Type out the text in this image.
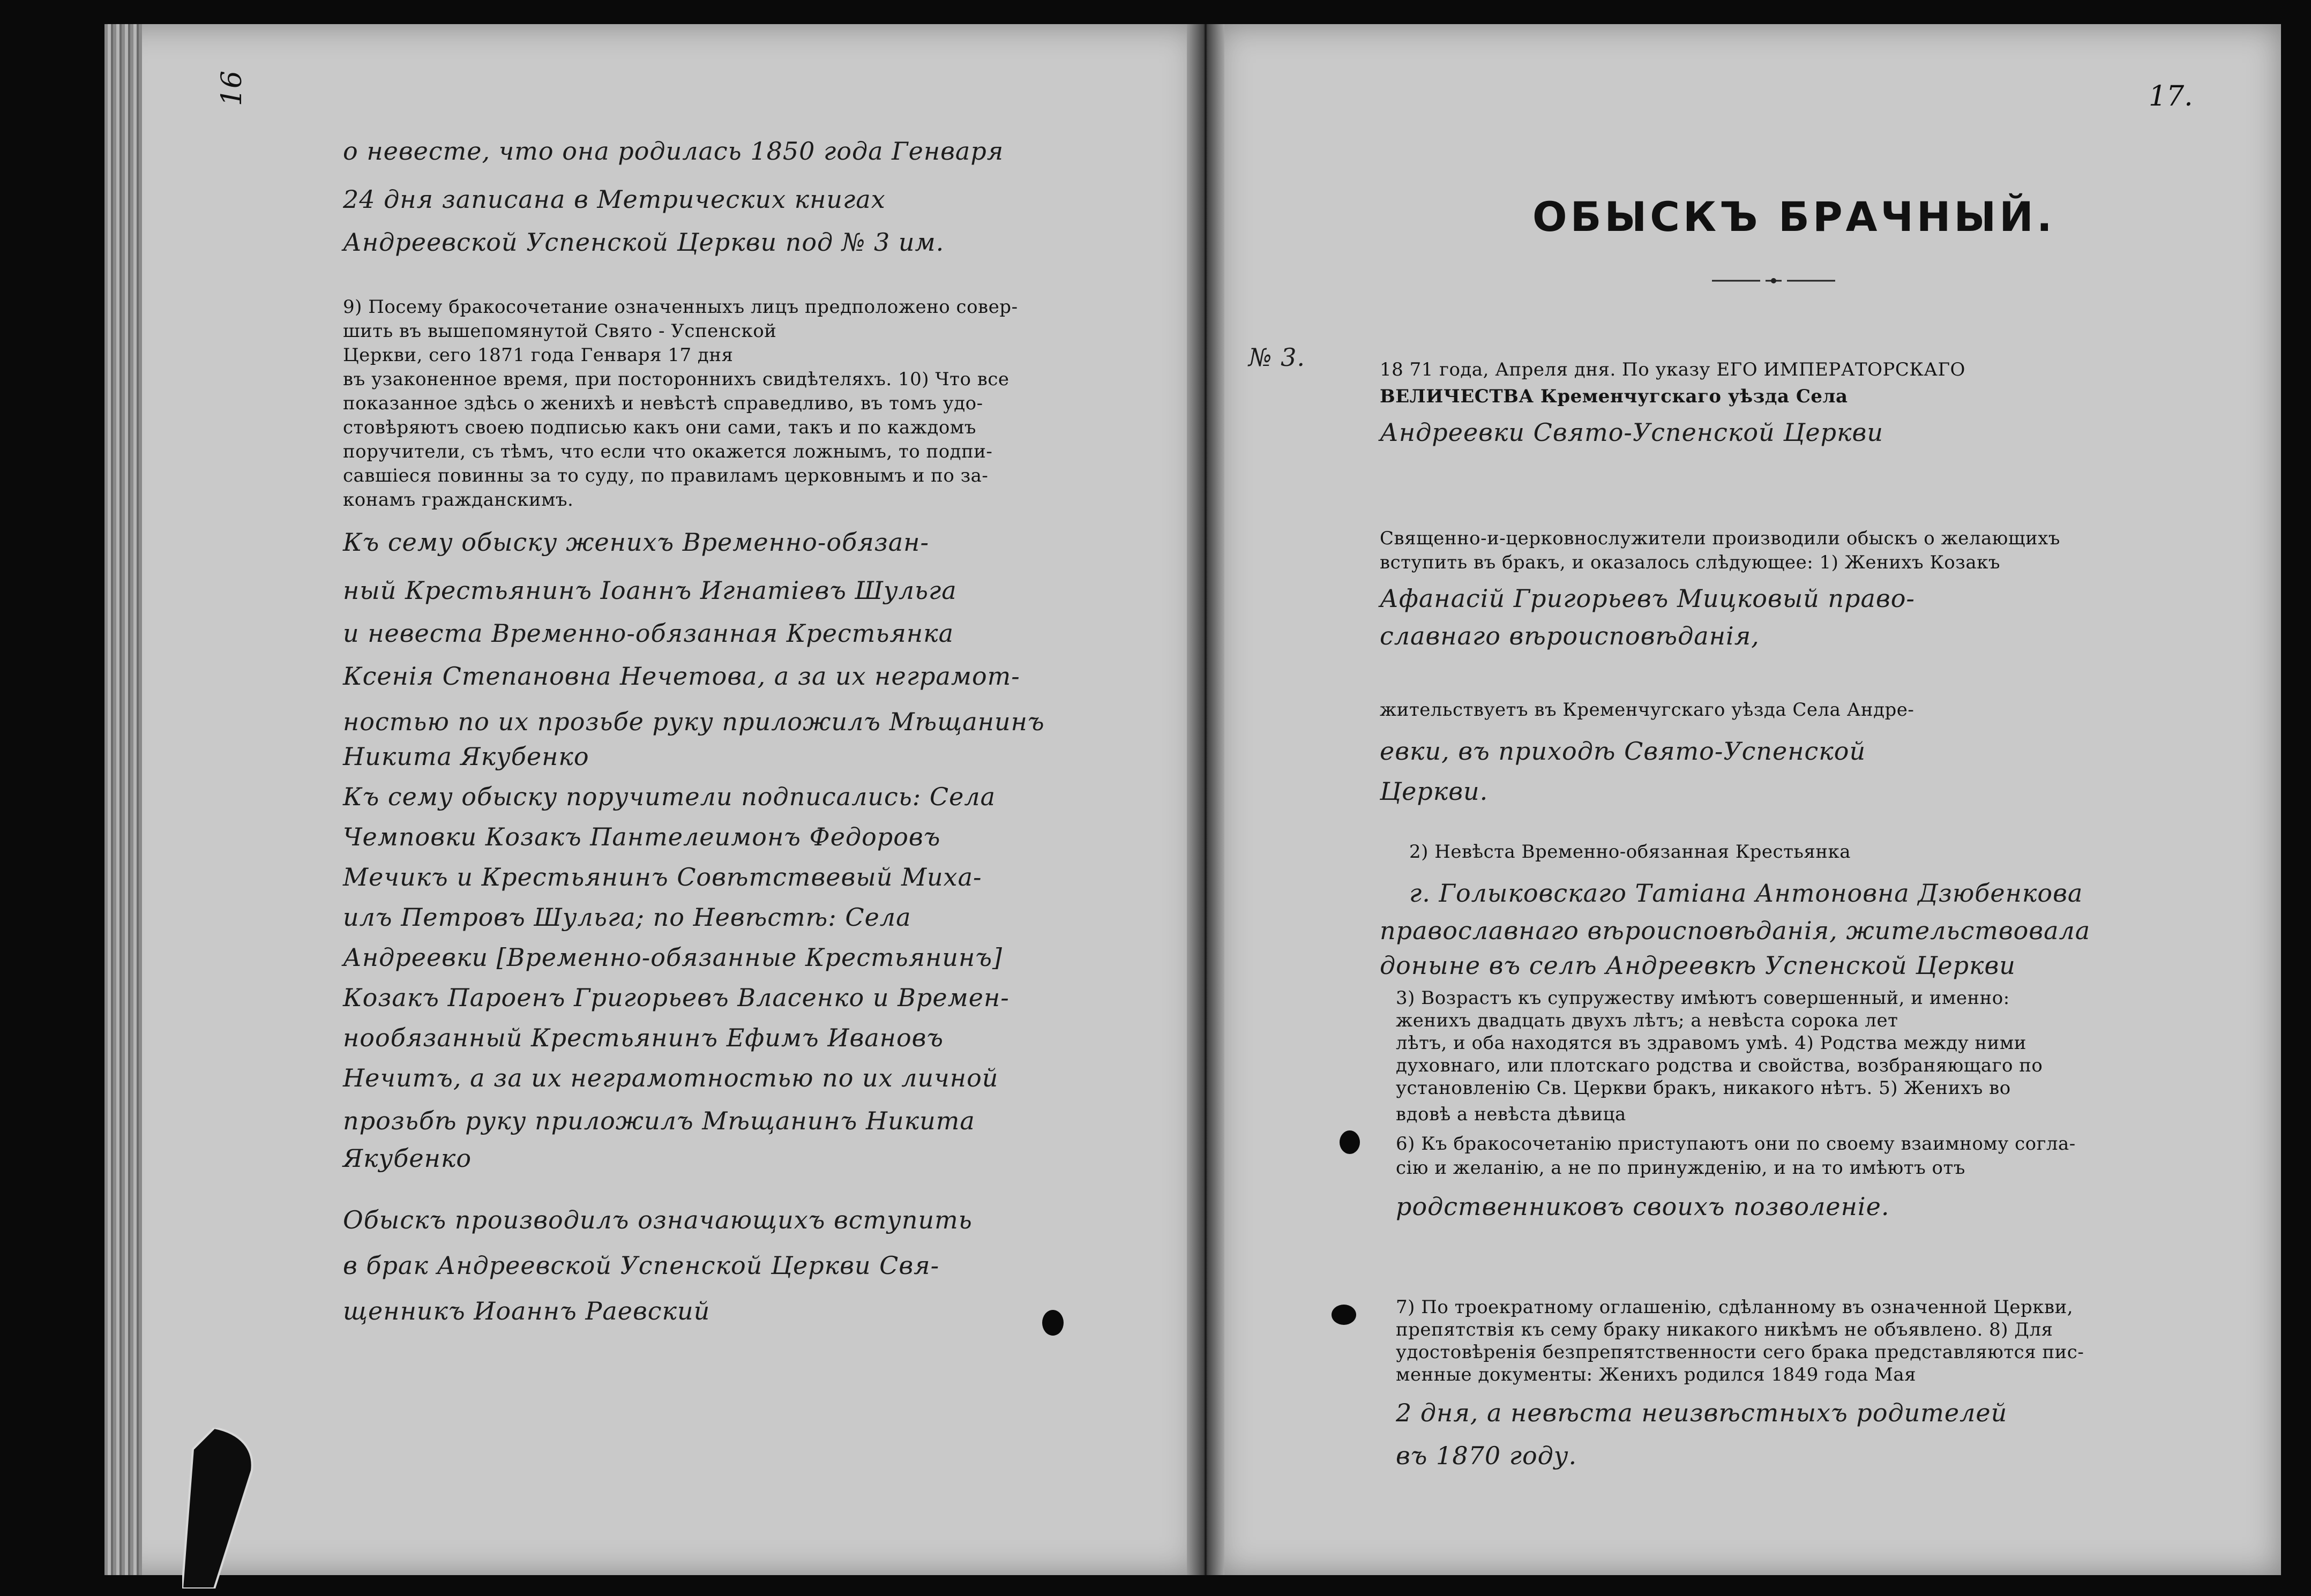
16
о невесте, что она родилась 1850 года Генваря
24 дня записана в Метрических книгах
Андреевской Успенской Церкви под № 3 им.
9) Посему бракосочетание означенныхъ лицъ предположено совер-
шить въ вышепомянутой Свято - Успенской
Церкви, сего 1871 года Генваря 17 дня
въ узаконенное время, при постороннихъ свидѣтеляхъ. 10) Что все
показанное здѣсь о женихѣ и невѣстѣ справедливо, въ томъ удо-
стовѣряютъ своею подписью какъ они сами, такъ и по каждомъ
поручители, съ тѣмъ, что если что окажется ложнымъ, то подпи-
савшіеся повинны за то суду, по правиламъ церковнымъ и по за-
конамъ гражданскимъ.
Къ сему обыску женихъ Временно-обязан-
ный Крестьянинъ Іоаннъ Игнатіевъ Шульга
и невеста Временно-обязанная Крестьянка
Ксенія Степановна Нечетова, а за их неграмот-
ностью по их прозьбе руку приложилъ Мѣщанинъ
Никита Якубенко
Къ сему обыску поручители подписались: Села
Чемповки Козакъ Пантелеимонъ Федоровъ
Мечикъ и Крестьянинъ Совѣтствевый Миха-
илъ Петровъ Шульга; по Невѣстѣ: Села
Андреевки [Временно-обязанные Крестьянинъ]
Козакъ Пароенъ Григорьевъ Власенко и Времен-
нообязанный Крестьянинъ Ефимъ Ивановъ
Нечитъ, а за их неграмотностью по их личной
прозьбѣ руку приложилъ Мѣщанинъ Никита
Якубенко
Обыскъ производилъ означающихъ вступить
в брак Андреевской Успенской Церкви Свя-
щенникъ Иоаннъ Раевский
17.
ОБЫСКЪ БРАЧНЫЙ.
№ 3.	18 71 года, Апреля дня. По указу ЕГО ИМПЕРАТОРСКАГО
ВЕЛИЧЕСТВА Кременчугскаго уѣзда Села
Андреевки Свято-Успенской Церкви
Священно-и-церковнослужители производили обыскъ о желающихъ
вступить въ бракъ, и оказалось слѣдующее: 1) Женихъ Козакъ
Афанасій Григорьевъ Мицковый право-
славнаго вѣроисповѣданія,
жительствуетъ въ Кременчугскаго уѣзда Села Андре-
евки, въ приходѣ Свято-Успенской
Церкви.
2) Невѣста Временно-обязанная Крестьянка
г. Голыковскаго Татіана Антоновна Дзюбенкова
православнаго вѣроисповѣданія, жительствовала
доныне въ селѣ Андреевкѣ Успенской Церкви
3) Возрастъ къ супружеству имѣютъ совершенный, и именно:
женихъ двадцать двухъ лѣтъ; а невѣста сорока лет
лѣтъ, и оба находятся въ здравомъ умѣ. 4) Родства между ними
духовнаго, или плотскаго родства и свойства, возбраняющаго по
установленію Св. Церкви бракъ, никакого нѣтъ. 5) Женихъ во
вдовѣ а невѣста дѣвица
6) Къ бракосочетанію приступаютъ они по своему взаимному согла-
сію и желанію, а не по принужденію, и на то имѣютъ отъ
родственниковъ своихъ позволеніе.
7) По троекратному оглашенію, сдѣланному въ означенной Церкви,
препятствія къ сему браку никакого никѣмъ не объявлено. 8) Для
удостовѣренія безпрепятственности сего брака представляются пис-
менные документы: Женихъ родился 1849 года Мая
2 дня, а невѣста неизвѣстныхъ родителей
въ 1870 году.
